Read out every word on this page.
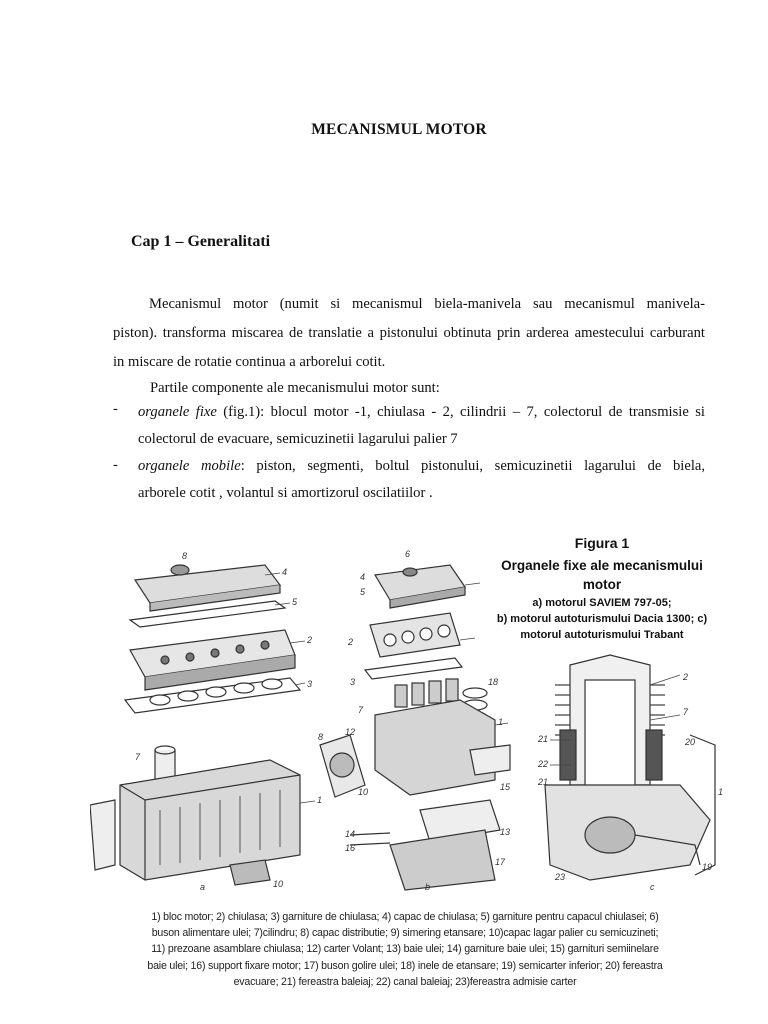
MECANISMUL MOTOR
Cap 1 – Generalitati
Mecanismul motor (numit si mecanismul biela-manivela sau mecanismul manivela-
piston). transforma miscarea de translatie a pistonului obtinuta prin arderea amestecului carburant
in miscare de rotatie continua a arborelui cotit.
Partile componente ale mecanismului motor sunt:
- organele fixe (fig.1): blocul motor -1, chiulasa - 2, cilindrii – 7, colectorul de transmisie si
colectorul de evacuare, semicuzinetii lagarului palier 7
- organele mobile: piston, segmenti, boltul pistonului, semicuzinetii lagarului de biela,
arborele cotit , volantul si amortizorul oscilatiilor .
Figura 1
Organele fixe ale mecanismului
motor
a) motorul SAVIEM 797-05;
b) motorul autoturismului Dacia 1300; c)
motorul autoturismului Trabant
8
4
5
2
3
7
1
10
a
6
4
5
2
3
7
18
1
8 12
10	15
14
16
13
17
b
2
7
21
22
21
20
1
19
23
c
1) bloc motor; 2) chiulasa; 3) garniture de chiulasa; 4) capac de chiulasa; 5) garniture pentru capacul chiulasei; 6)
buson alimentare ulei; 7)cilindru; 8) capac distributie; 9) simering etansare; 10)capac lagar palier cu semicuzineti;
11) prezoane asamblare chiulasa; 12) carter Volant; 13) baie ulei; 14) garniture baie ulei; 15) garnituri semiinelare
baie ulei; 16) support fixare motor; 17) buson golire ulei; 18) inele de etansare; 19) semicarter inferior; 20) fereastra
evacuare; 21) fereastra baleiaj; 22) canal baleiaj; 23)fereastra admisie carter
